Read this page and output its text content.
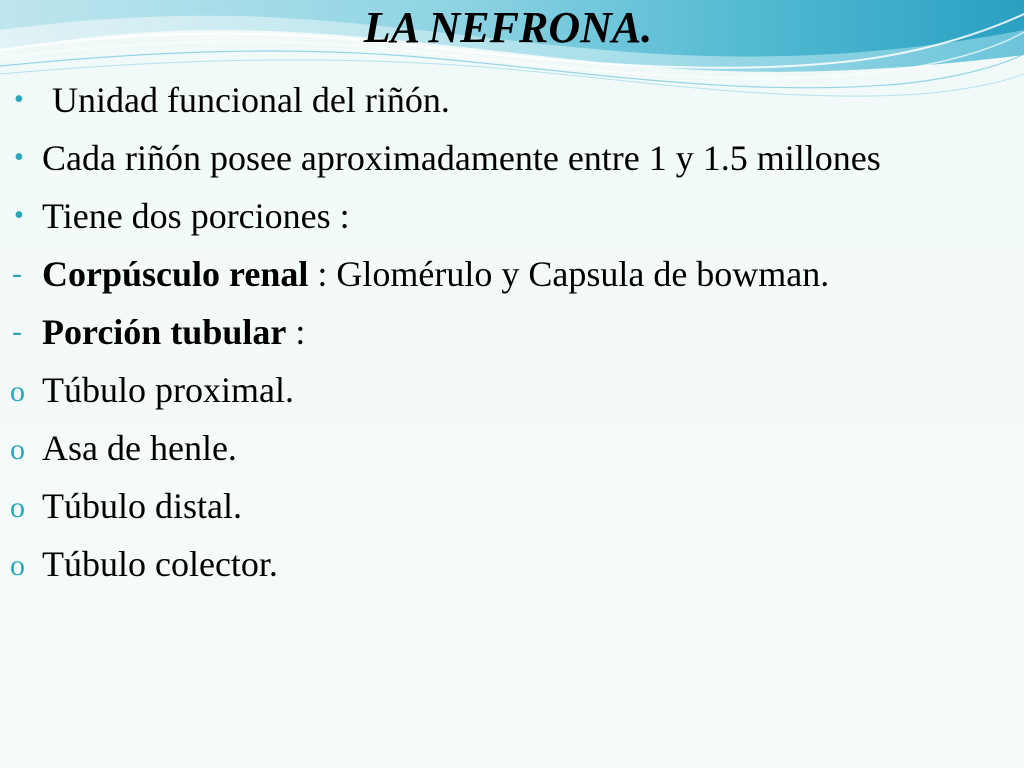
LA NEFRONA.
• Unidad funcional del riñón.
• Cada riñón posee aproximadamente entre 1 y 1.5 millones
• Tiene dos porciones :
- Corpúsculo renal : Glomérulo y Capsula de bowman.
- Porción tubular :
o Túbulo proximal.
o Asa de henle.
o Túbulo distal.
o Túbulo colector.
